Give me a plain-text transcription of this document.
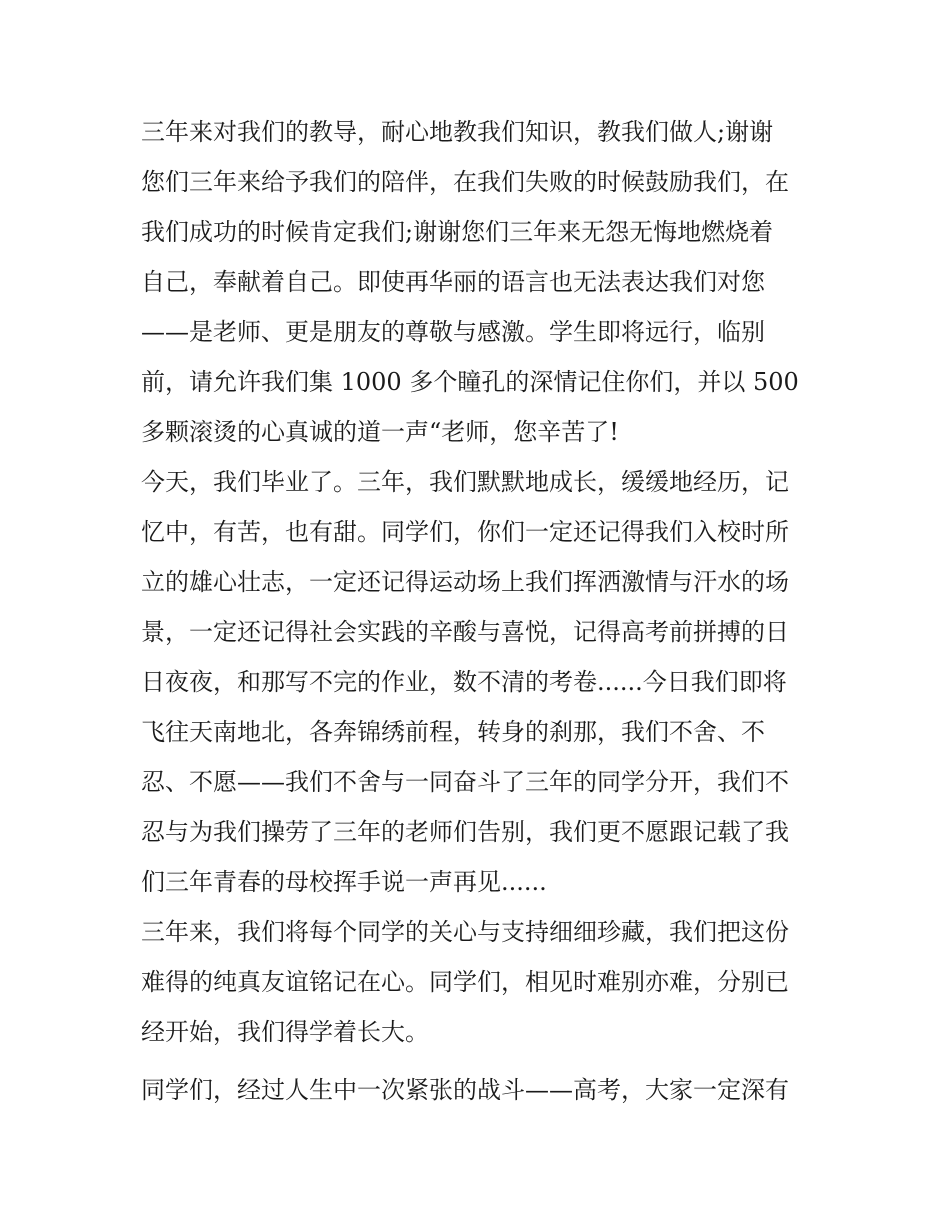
三年来对我们的教导，耐心地教我们知识，教我们做人;谢谢
您们三年来给予我们的陪伴，在我们失败的时候鼓励我们，在
我们成功的时候肯定我们;谢谢您们三年来无怨无悔地燃烧着
自己，奉献着自己。即使再华丽的语言也无法表达我们对您
——是老师、更是朋友的尊敬与感激。学生即将远行，临别
前，请允许我们集 1000 多个瞳孔的深情记住你们，并以 500
多颗滚烫的心真诚的道一声“老师，您辛苦了!
今天，我们毕业了。三年，我们默默地成长，缓缓地经历，记
忆中，有苦，也有甜。同学们，你们一定还记得我们入校时所
立的雄心壮志，一定还记得运动场上我们挥洒激情与汗水的场
景，一定还记得社会实践的辛酸与喜悦，记得高考前拼搏的日
日夜夜，和那写不完的作业，数不清的考卷......今日我们即将
飞往天南地北，各奔锦绣前程，转身的刹那，我们不舍、不
忍、不愿——我们不舍与一同奋斗了三年的同学分开，我们不
忍与为我们操劳了三年的老师们告别，我们更不愿跟记载了我
们三年青春的母校挥手说一声再见......
三年来，我们将每个同学的关心与支持细细珍藏，我们把这份
难得的纯真友谊铭记在心。同学们，相见时难别亦难，分别已
经开始，我们得学着长大。
同学们，经过人生中一次紧张的战斗——高考，大家一定深有
